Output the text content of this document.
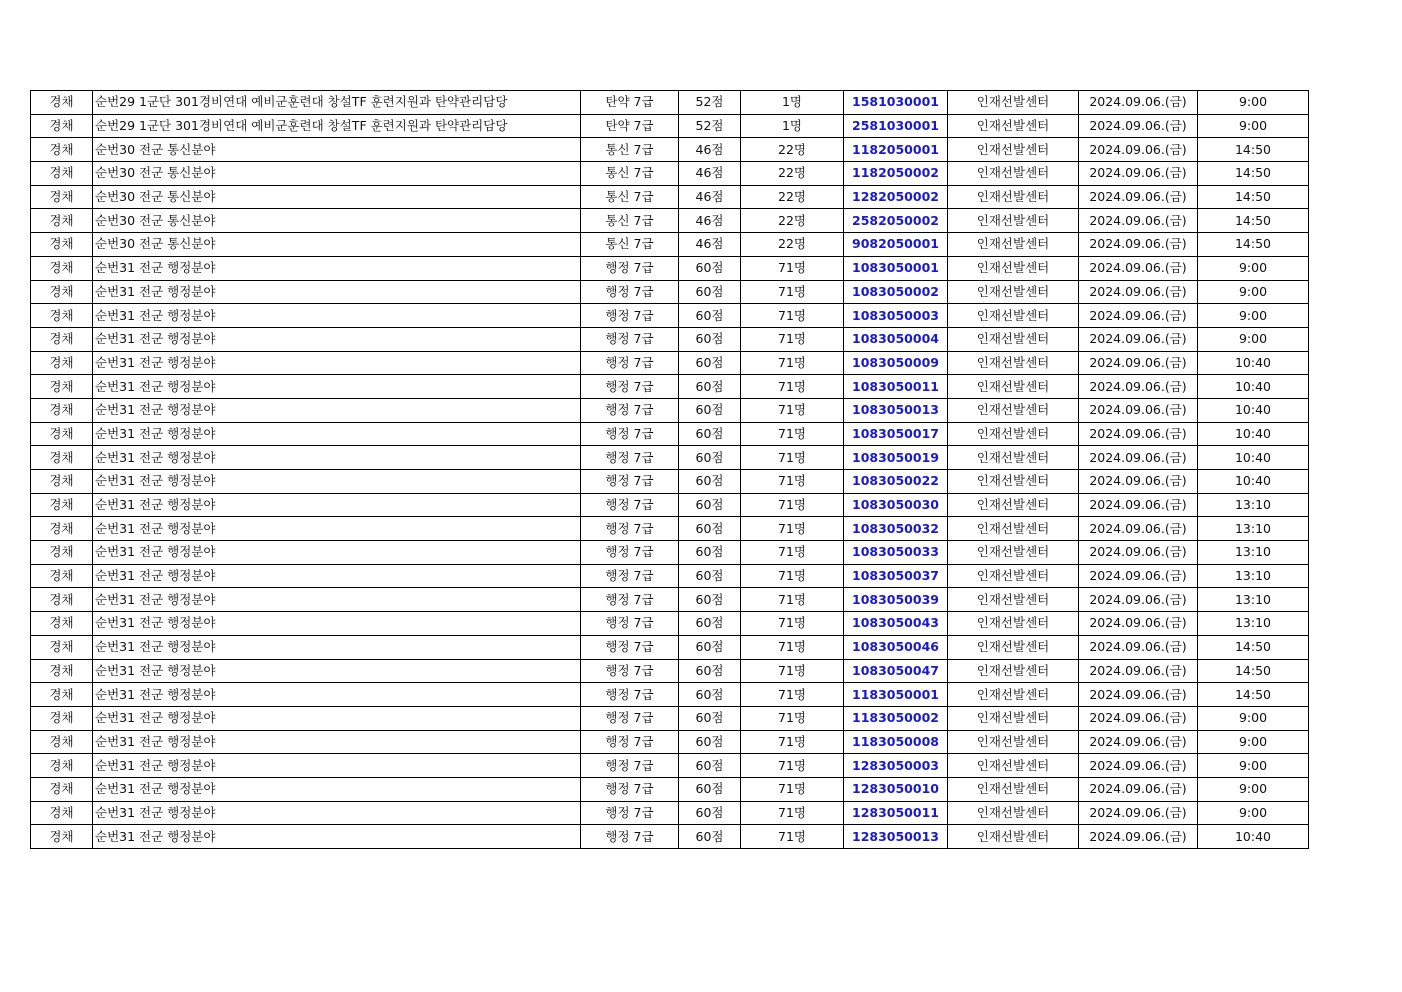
경채	순번29 1군단 301경비연대 예비군훈련대 창설TF 훈련지원과 탄약관리담당	탄약 7급	52점	1명	1581030001	인재선발센터	2024.09.06.(금)	9:00
경채	순번29 1군단 301경비연대 예비군훈련대 창설TF 훈련지원과 탄약관리담당	탄약 7급	52점	1명	2581030001	인재선발센터	2024.09.06.(금)	9:00
경채	순번30 전군 통신분야	통신 7급	46점	22명	1182050001	인재선발센터	2024.09.06.(금)	14:50
경채	순번30 전군 통신분야	통신 7급	46점	22명	1182050002	인재선발센터	2024.09.06.(금)	14:50
경채	순번30 전군 통신분야	통신 7급	46점	22명	1282050002	인재선발센터	2024.09.06.(금)	14:50
경채	순번30 전군 통신분야	통신 7급	46점	22명	2582050002	인재선발센터	2024.09.06.(금)	14:50
경채	순번30 전군 통신분야	통신 7급	46점	22명	9082050001	인재선발센터	2024.09.06.(금)	14:50
경채	순번31 전군 행정분야	행정 7급	60점	71명	1083050001	인재선발센터	2024.09.06.(금)	9:00
경채	순번31 전군 행정분야	행정 7급	60점	71명	1083050002	인재선발센터	2024.09.06.(금)	9:00
경채	순번31 전군 행정분야	행정 7급	60점	71명	1083050003	인재선발센터	2024.09.06.(금)	9:00
경채	순번31 전군 행정분야	행정 7급	60점	71명	1083050004	인재선발센터	2024.09.06.(금)	9:00
경채	순번31 전군 행정분야	행정 7급	60점	71명	1083050009	인재선발센터	2024.09.06.(금)	10:40
경채	순번31 전군 행정분야	행정 7급	60점	71명	1083050011	인재선발센터	2024.09.06.(금)	10:40
경채	순번31 전군 행정분야	행정 7급	60점	71명	1083050013	인재선발센터	2024.09.06.(금)	10:40
경채	순번31 전군 행정분야	행정 7급	60점	71명	1083050017	인재선발센터	2024.09.06.(금)	10:40
경채	순번31 전군 행정분야	행정 7급	60점	71명	1083050019	인재선발센터	2024.09.06.(금)	10:40
경채	순번31 전군 행정분야	행정 7급	60점	71명	1083050022	인재선발센터	2024.09.06.(금)	10:40
경채	순번31 전군 행정분야	행정 7급	60점	71명	1083050030	인재선발센터	2024.09.06.(금)	13:10
경채	순번31 전군 행정분야	행정 7급	60점	71명	1083050032	인재선발센터	2024.09.06.(금)	13:10
경채	순번31 전군 행정분야	행정 7급	60점	71명	1083050033	인재선발센터	2024.09.06.(금)	13:10
경채	순번31 전군 행정분야	행정 7급	60점	71명	1083050037	인재선발센터	2024.09.06.(금)	13:10
경채	순번31 전군 행정분야	행정 7급	60점	71명	1083050039	인재선발센터	2024.09.06.(금)	13:10
경채	순번31 전군 행정분야	행정 7급	60점	71명	1083050043	인재선발센터	2024.09.06.(금)	13:10
경채	순번31 전군 행정분야	행정 7급	60점	71명	1083050046	인재선발센터	2024.09.06.(금)	14:50
경채	순번31 전군 행정분야	행정 7급	60점	71명	1083050047	인재선발센터	2024.09.06.(금)	14:50
경채	순번31 전군 행정분야	행정 7급	60점	71명	1183050001	인재선발센터	2024.09.06.(금)	14:50
경채	순번31 전군 행정분야	행정 7급	60점	71명	1183050002	인재선발센터	2024.09.06.(금)	9:00
경채	순번31 전군 행정분야	행정 7급	60점	71명	1183050008	인재선발센터	2024.09.06.(금)	9:00
경채	순번31 전군 행정분야	행정 7급	60점	71명	1283050003	인재선발센터	2024.09.06.(금)	9:00
경채	순번31 전군 행정분야	행정 7급	60점	71명	1283050010	인재선발센터	2024.09.06.(금)	9:00
경채	순번31 전군 행정분야	행정 7급	60점	71명	1283050011	인재선발센터	2024.09.06.(금)	9:00
경채	순번31 전군 행정분야	행정 7급	60점	71명	1283050013	인재선발센터	2024.09.06.(금)	10:40
